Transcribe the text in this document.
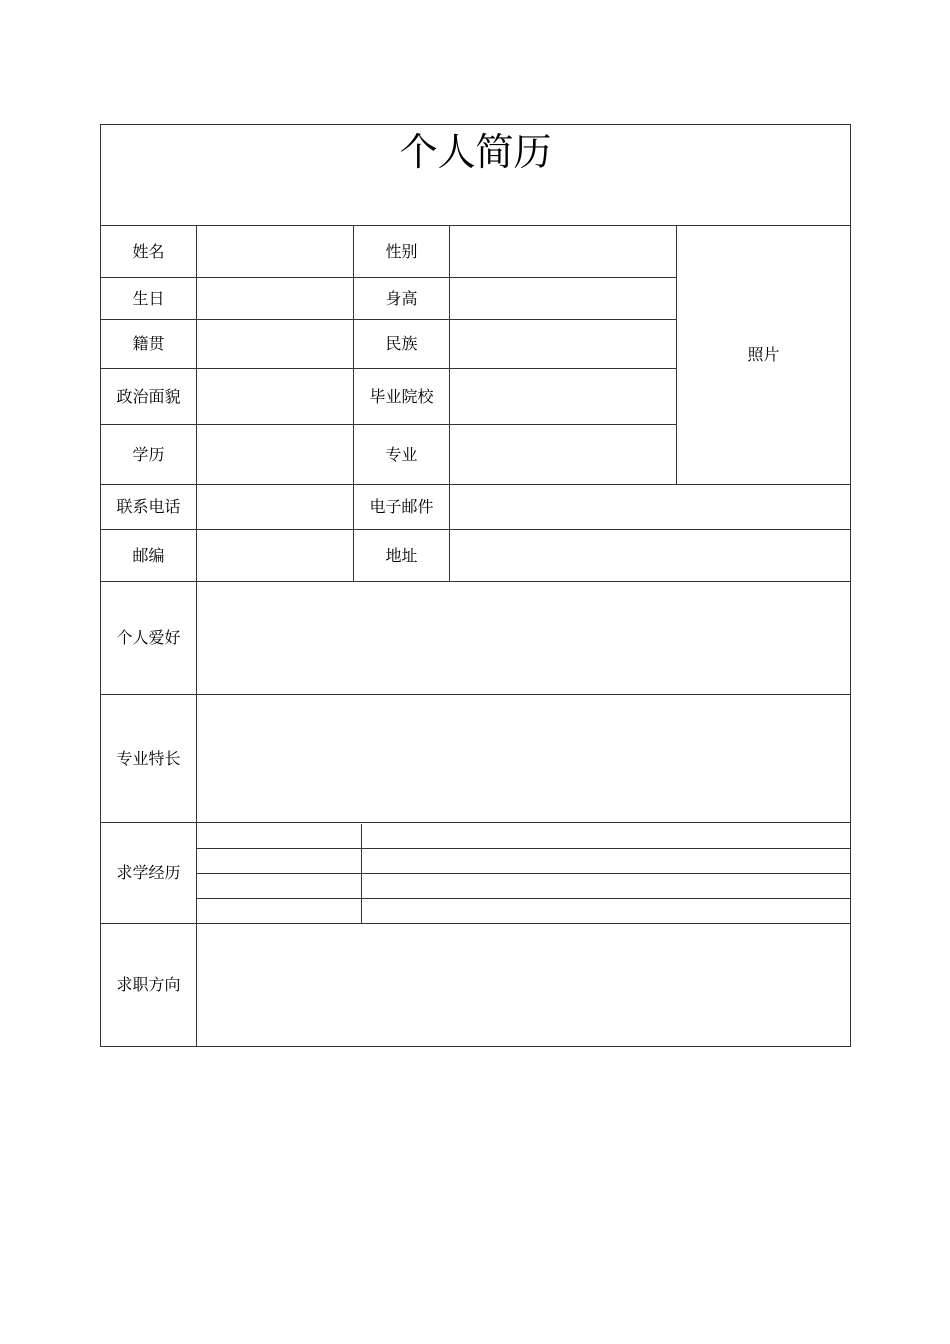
个人简历

姓名		性别		照片
生日		身高	
籍贯		民族	
政治面貌		毕业院校	
学历		专业	
联系电话		电子邮件	
邮编		地址	
个人爱好	
专业特长	
求学经历	

求职方向	
